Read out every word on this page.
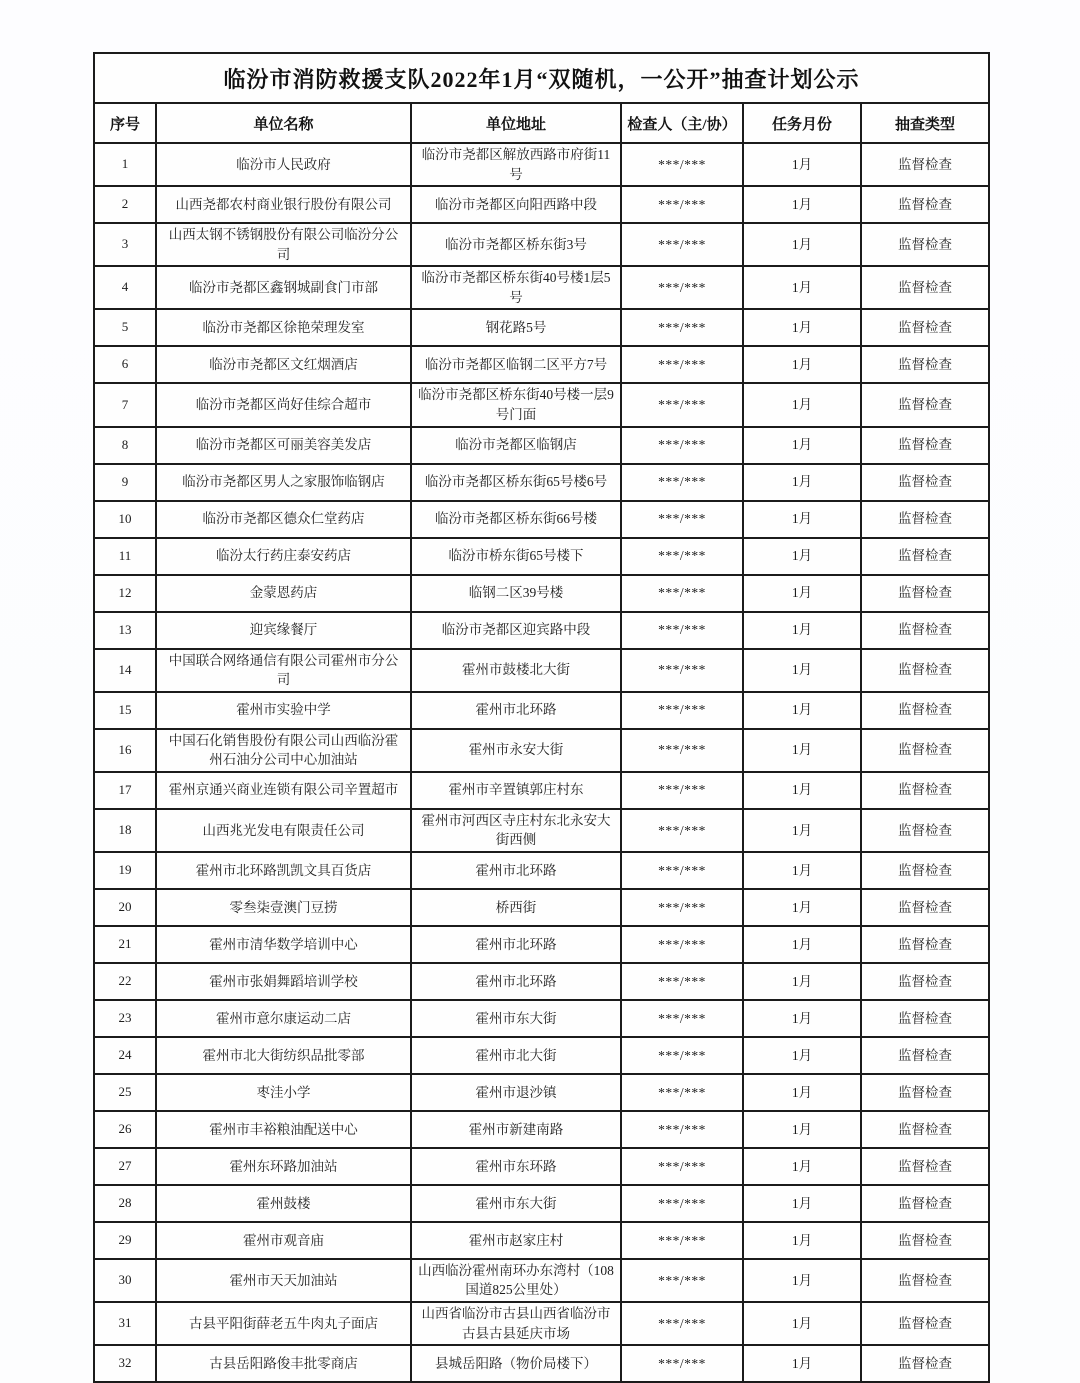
临汾市消防救援支队2022年1月“双随机，一公开”抽查计划公示					
序号	单位名称	单位地址	检查人（主/协）	任务月份	抽查类型
1	临汾市人民政府	临汾市尧都区解放西路市府街11号	***/***	1月	监督检查
2	山西尧都农村商业银行股份有限公司	临汾市尧都区向阳西路中段	***/***	1月	监督检查
3	山西太钢不锈钢股份有限公司临汾分公司	临汾市尧都区桥东街3号	***/***	1月	监督检查
4	临汾市尧都区鑫钢城副食门市部	临汾市尧都区桥东街40号楼1层5号	***/***	1月	监督检查
5	临汾市尧都区徐艳荣理发室	钢花路5号	***/***	1月	监督检查
6	临汾市尧都区文红烟酒店	临汾市尧都区临钢二区平方7号	***/***	1月	监督检查
7	临汾市尧都区尚好佳综合超市	临汾市尧都区桥东街40号楼一层9号门面	***/***	1月	监督检查
8	临汾市尧都区可丽美容美发店	临汾市尧都区临钢店	***/***	1月	监督检查
9	临汾市尧都区男人之家服饰临钢店	临汾市尧都区桥东街65号楼6号	***/***	1月	监督检查
10	临汾市尧都区德众仁堂药店	临汾市尧都区桥东街66号楼	***/***	1月	监督检查
11	临汾太行药庄泰安药店	临汾市桥东街65号楼下	***/***	1月	监督检查
12	金蒙恩药店	临钢二区39号楼	***/***	1月	监督检查
13	迎宾缘餐厅	临汾市尧都区迎宾路中段	***/***	1月	监督检查
14	中国联合网络通信有限公司霍州市分公司	霍州市鼓楼北大街	***/***	1月	监督检查
15	霍州市实验中学	霍州市北环路	***/***	1月	监督检查
16	中国石化销售股份有限公司山西临汾霍州石油分公司中心加油站	霍州市永安大街	***/***	1月	监督检查
17	霍州京通兴商业连锁有限公司辛置超市	霍州市辛置镇郭庄村东	***/***	1月	监督检查
18	山西兆光发电有限责任公司	霍州市河西区寺庄村东北永安大街西侧	***/***	1月	监督检查
19	霍州市北环路凯凯文具百货店	霍州市北环路	***/***	1月	监督检查
20	零叁柒壹澳门豆捞	桥西街	***/***	1月	监督检查
21	霍州市清华数学培训中心	霍州市北环路	***/***	1月	监督检查
22	霍州市张娟舞蹈培训学校	霍州市北环路	***/***	1月	监督检查
23	霍州市意尔康运动二店	霍州市东大街	***/***	1月	监督检查
24	霍州市北大街纺织品批零部	霍州市北大街	***/***	1月	监督检查
25	枣洼小学	霍州市退沙镇	***/***	1月	监督检查
26	霍州市丰裕粮油配送中心	霍州市新建南路	***/***	1月	监督检查
27	霍州东环路加油站	霍州市东环路	***/***	1月	监督检查
28	霍州鼓楼	霍州市东大街	***/***	1月	监督检查
29	霍州市观音庙	霍州市赵家庄村	***/***	1月	监督检查
30	霍州市天天加油站	山西临汾霍州南环办东湾村（108国道825公里处）	***/***	1月	监督检查
31	古县平阳街薛老五牛肉丸子面店	山西省临汾市古县山西省临汾市古县古县延庆市场	***/***	1月	监督检查
32	古县岳阳路俊丰批零商店	县城岳阳路（物价局楼下）	***/***	1月	监督检查
